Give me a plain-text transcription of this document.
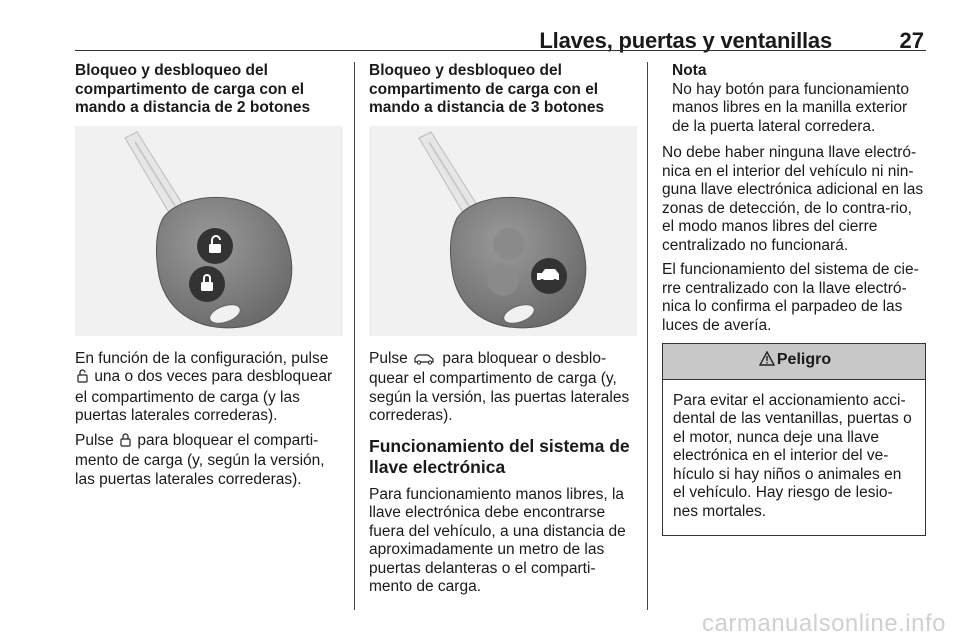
Llaves, puertas y ventanillas	27

Bloqueo y desbloqueo del compartimento de carga con el mando a distancia de 2 botones

En función de la configuración, pulse  una o dos veces para desbloquear el compartimento de carga (y las puertas laterales correderas).

Pulse para bloquear el comparti-mento de carga (y, según la versión, las puertas laterales correderas).

Bloqueo y desbloqueo del compartimento de carga con el mando a distancia de 3 botones

Pulse para bloquear o desblo-quear el compartimento de carga (y, según la versión, las puertas laterales correderas).

Funcionamiento del sistema de llave electrónica

Para funcionamiento manos libres, la llave electrónica debe encontrarse fuera del vehículo, a una distancia de aproximadamente un metro de las puertas delanteras o el comparti-mento de carga.

Nota
No hay botón para funcionamiento manos libres en la manilla exterior de la puerta lateral corredera.

No debe haber ninguna llave electró-nica en el interior del vehículo ni nin-guna llave electrónica adicional en las zonas de detección, de lo contra-rio, el modo manos libres del cierre centralizado no funcionará.

El funcionamiento del sistema de cie-rre centralizado con la llave electró-nica lo confirma el parpadeo de las luces de avería.

Peligro
Para evitar el accionamiento acci-dental de las ventanillas, puertas o el motor, nunca deje una llave electrónica en el interior del ve-hículo si hay niños o animales en el vehículo. Hay riesgo de lesio-nes mortales.
carmanualsonline.info
